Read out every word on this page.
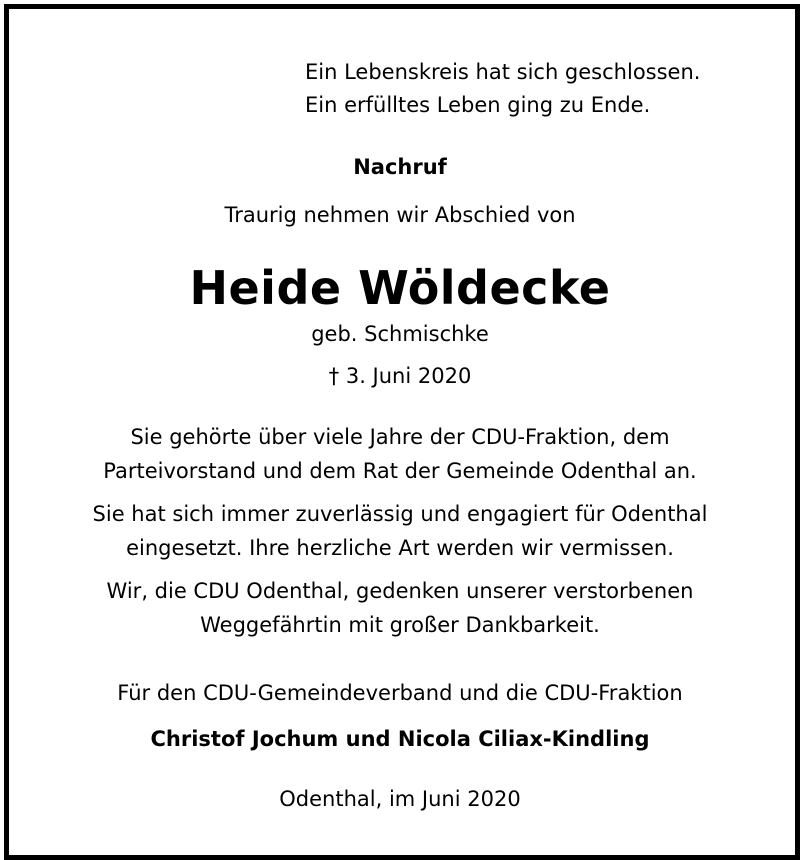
Ein Lebenskreis hat sich geschlossen.
Ein erfülltes Leben ging zu Ende.
Nachruf
Traurig nehmen wir Abschied von
Heide Wöldecke
geb. Schmischke
† 3. Juni 2020
Sie gehörte über viele Jahre der CDU-Fraktion, dem
Parteivorstand und dem Rat der Gemeinde Odenthal an.
Sie hat sich immer zuverlässig und engagiert für Odenthal
eingesetzt. Ihre herzliche Art werden wir vermissen.
Wir, die CDU Odenthal, gedenken unserer verstorbenen
Weggefährtin mit großer Dankbarkeit.
Für den CDU-Gemeindeverband und die CDU-Fraktion
Christof Jochum und Nicola Ciliax-Kindling
Odenthal, im Juni 2020
